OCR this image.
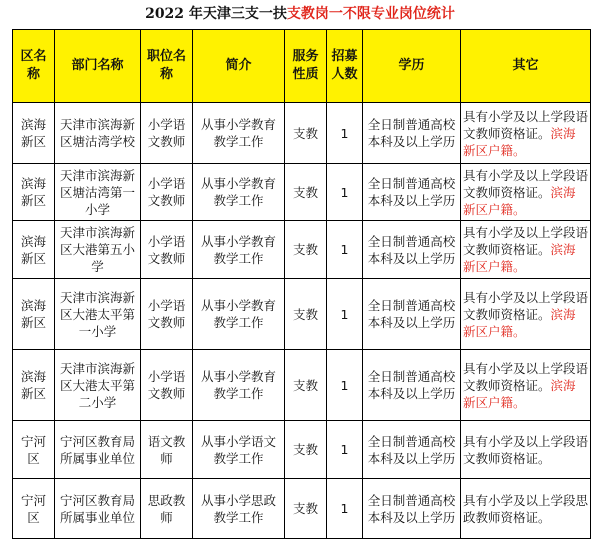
2022 年天津三支一扶支教岗一不限专业岗位统计
区名称	部门名称	职位名称	简介	服务性质	招募人数	学历	其它
滨海新区	天津市滨海新区塘沽湾学校	小学语文教师	从事小学教育教学工作	支教	1	全日制普通高校本科及以上学历	具有小学及以上学段语文教师资格证。滨海新区户籍。
滨海新区	天津市滨海新区塘沽湾第一小学	小学语文教师	从事小学教育教学工作	支教	1	全日制普通高校本科及以上学历	具有小学及以上学段语文教师资格证。滨海新区户籍。
滨海新区	天津市滨海新区大港第五小学	小学语文教师	从事小学教育教学工作	支教	1	全日制普通高校本科及以上学历	具有小学及以上学段语文教师资格证。滨海新区户籍。
滨海新区	天津市滨海新区大港太平第一小学	小学语文教师	从事小学教育教学工作	支教	1	全日制普通高校本科及以上学历	具有小学及以上学段语文教师资格证。滨海新区户籍。
滨海新区	天津市滨海新区大港太平第二小学	小学语文教师	从事小学教育教学工作	支教	1	全日制普通高校本科及以上学历	具有小学及以上学段语文教师资格证。滨海新区户籍。
宁河区	宁河区教育局所属事业单位	语文教师	从事小学语文教学工作	支教	1	全日制普通高校本科及以上学历	具有小学及以上学段语文教师资格证。
宁河区	宁河区教育局所属事业单位	思政教师	从事小学思政教学工作	支教	1	全日制普通高校本科及以上学历	具有小学及以上学段思政教师资格证。
